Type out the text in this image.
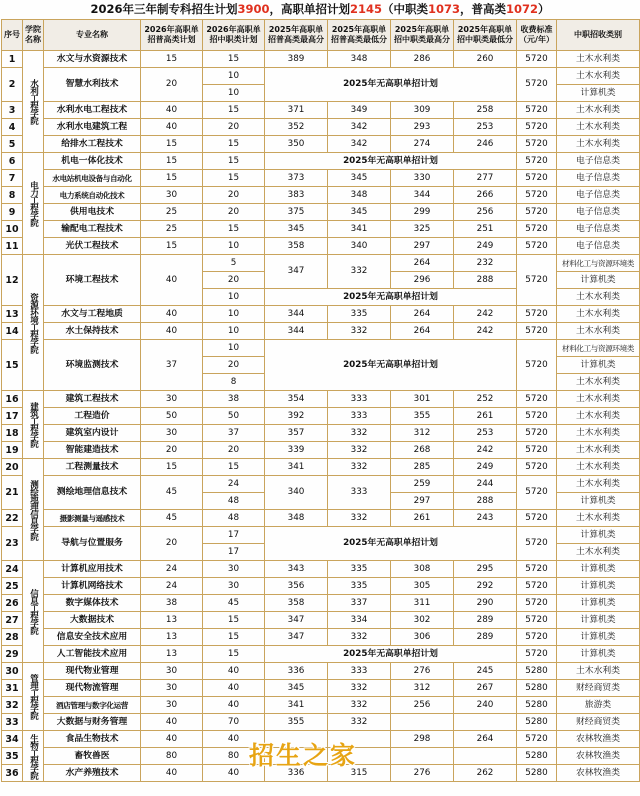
2026年三年制专科招生计划3900，高职单招计划2145（中职类1073，普高类1072）
序号	学院名称	专业名称	2026年高职单招普高类计划	2026年高职单招中职类计划	2025年高职单招普高类最高分	2025年高职单招普高类最低分	2025年高职单招中职类最高分	2025年高职单招中职类最低分	收费标准（元/年）	中职招收类别
1	水利工程学院	水文与水资源技术	15	15	389	348	286	260	5720	土木水利类
2		智慧水利技术	20	10	2025年无高职单招计划				5720	土木水利类
				10						计算机类
3		水利水电工程技术	40	15	371	349	309	258	5720	土木水利类
4		水利水电建筑工程	40	20	352	342	293	253	5720	土木水利类
5		给排水工程技术	15	15	350	342	274	246	5720	土木水利类
6	电力工程学院	机电一体化技术	15	15	2025年无高职单招计划				5720	电子信息类
7		水电站机电设备与自动化	15	15	373	345	330	277	5720	电子信息类
8		电力系统自动化技术	30	20	383	348	344	266	5720	电子信息类
9		供用电技术	25	20	375	345	299	256	5720	电子信息类
10		输配电工程技术	25	15	345	341	325	251	5720	电子信息类
11		光伏工程技术	15	10	358	340	297	249	5720	电子信息类
12	资源环境工程学院	环境工程技术	40	5	347	332	264	232	5720	材料化工与资源环境类
				20			296	288		计算机类
				10	2025年无高职单招计划					土木水利类
13		水文与工程地质	40	10	344	335	264	242	5720	土木水利类
14		水土保持技术	40	10	344	332	264	242	5720	土木水利类
15		环境监测技术	37	10	2025年无高职单招计划				5720	材料化工与资源环境类
				20						计算机类
				8						土木水利类
16	建筑工程学院	建筑工程技术	30	38	354	333	301	252	5720	土木水利类
17		工程造价	50	50	392	333	355	261	5720	土木水利类
18		建筑室内设计	30	37	357	332	312	253	5720	土木水利类
19		智能建造技术	20	20	339	332	268	242	5720	土木水利类
20	测绘地理信息学院	工程测量技术	15	15	341	332	285	249	5720	土木水利类
21		测绘地理信息技术	45	24	340	333	259	244	5720	土木水利类
				48			297	288		计算机类
22		摄影测量与遥感技术	45	48	348	332	261	243	5720	土木水利类
23		导航与位置服务	20	17	2025年无高职单招计划				5720	计算机类
				17						土木水利类
24	信息工程学院	计算机应用技术	24	30	343	335	308	295	5720	计算机类
25		计算机网络技术	24	30	356	335	305	292	5720	计算机类
26		数字媒体技术	38	45	358	337	311	290	5720	计算机类
27		大数据技术	13	15	347	334	302	289	5720	计算机类
28		信息安全技术应用	13	15	347	332	306	289	5720	计算机类
29		人工智能技术应用	13	15	2025年无高职单招计划				5720	计算机类
30	管理工程学院	现代物业管理	30	40	336	333	276	245	5280	土木水利类
31		现代物流管理	30	40	345	332	312	267	5280	财经商贸类
32		酒店管理与数字化运营	30	40	341	332	256	240	5280	旅游类
33		大数据与财务管理	40	70	355	332			5280	财经商贸类
34	生物工程学院	食品生物技术	40	40			298	264	5720	农林牧渔类
35		畜牧兽医	80	80					5280	农林牧渔类
36		水产养殖技术	40	40	336	315	276	262	5280	农林牧渔类
招生之家
